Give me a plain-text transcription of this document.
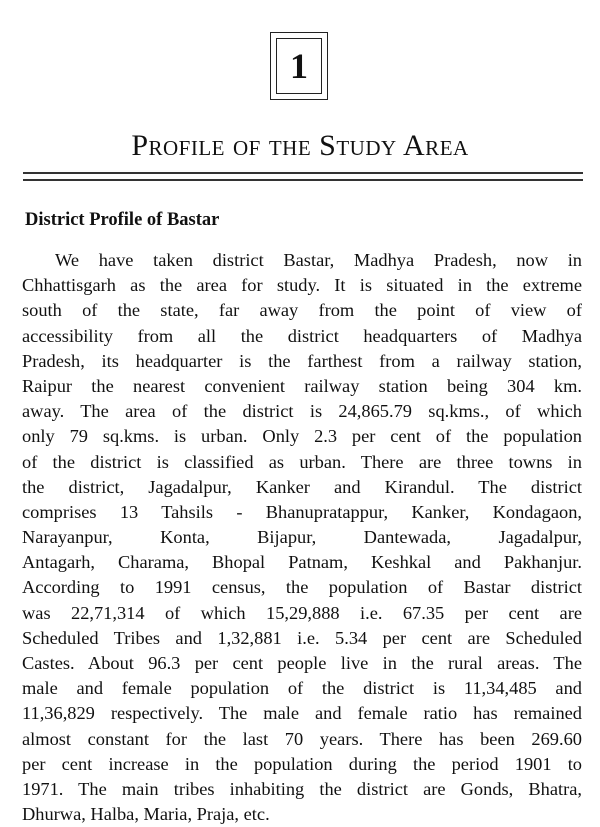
1
Profile of the Study Area
District Profile of Bastar
We have taken district Bastar, Madhya Pradesh, now in
Chhattisgarh as the area for study. It is situated in the extreme
south of the state, far away from the point of view of
accessibility from all the district headquarters of Madhya
Pradesh, its headquarter is the farthest from a railway station,
Raipur the nearest convenient railway station being 304 km.
away. The area of the district is 24,865.79 sq.kms., of which
only 79 sq.kms. is urban. Only 2.3 per cent of the population
of the district is classified as urban. There are three towns in
the district, Jagadalpur, Kanker and Kirandul. The district
comprises 13 Tahsils - Bhanupratappur, Kanker, Kondagaon,
Narayanpur, Konta, Bijapur, Dantewada, Jagadalpur,
Antagarh, Charama, Bhopal Patnam, Keshkal and Pakhanjur.
According to 1991 census, the population of Bastar district
was 22,71,314 of which 15,29,888 i.e. 67.35 per cent are
Scheduled Tribes and 1,32,881 i.e. 5.34 per cent are Scheduled
Castes. About 96.3 per cent people live in the rural areas. The
male and female population of the district is 11,34,485 and
11,36,829 respectively. The male and female ratio has remained
almost constant for the last 70 years. There has been 269.60
per cent increase in the population during the period 1901 to
1971. The main tribes inhabiting the district are Gonds, Bhatra,
Dhurwa, Halba, Maria, Praja, etc.
